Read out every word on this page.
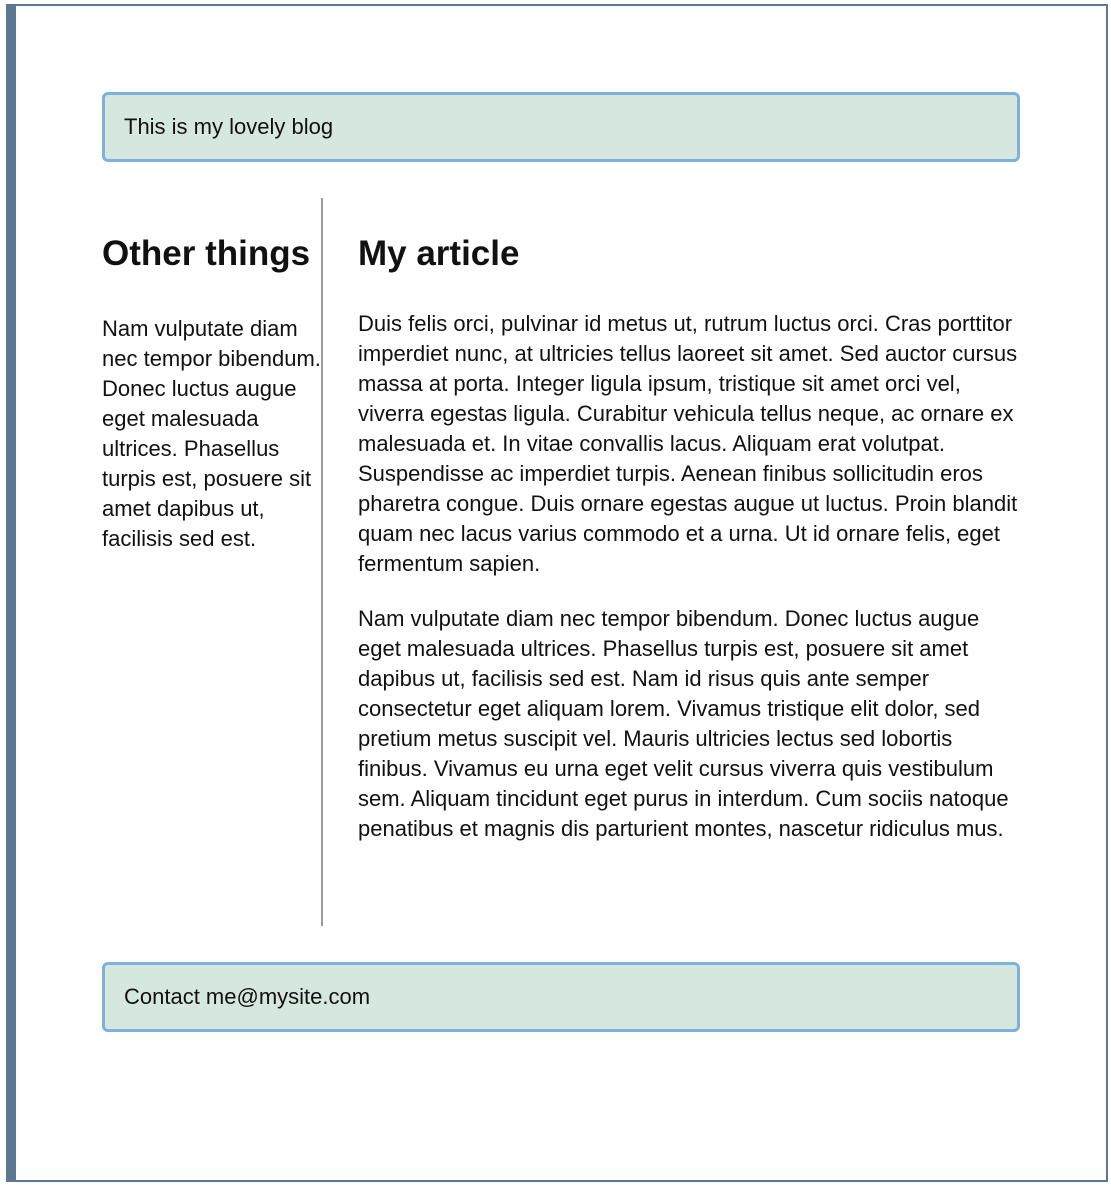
This is my lovely blog
Other things

Nam vulputate diam nec tempor bibendum. Donec luctus augue eget malesuada ultrices. Phasellus turpis est, posuere sit amet dapibus ut, facilisis sed est.

My article

Duis felis orci, pulvinar id metus ut, rutrum luctus orci. Cras porttitor imperdiet nunc, at ultricies tellus laoreet sit amet. Sed auctor cursus massa at porta. Integer ligula ipsum, tristique sit amet orci vel, viverra egestas ligula. Curabitur vehicula tellus neque, ac ornare ex malesuada et. In vitae convallis lacus. Aliquam erat volutpat. Suspendisse ac imperdiet turpis. Aenean finibus sollicitudin eros pharetra congue. Duis ornare egestas augue ut luctus. Proin blandit quam nec lacus varius commodo et a urna. Ut id ornare felis, eget fermentum sapien.

Nam vulputate diam nec tempor bibendum. Donec luctus augue eget malesuada ultrices. Phasellus turpis est, posuere sit amet dapibus ut, facilisis sed est. Nam id risus quis ante semper consectetur eget aliquam lorem. Vivamus tristique elit dolor, sed pretium metus suscipit vel. Mauris ultricies lectus sed lobortis finibus. Vivamus eu urna eget velit cursus viverra quis vestibulum sem. Aliquam tincidunt eget purus in interdum. Cum sociis natoque penatibus et magnis dis parturient montes, nascetur ridiculus mus.

Contact me@mysite.com
